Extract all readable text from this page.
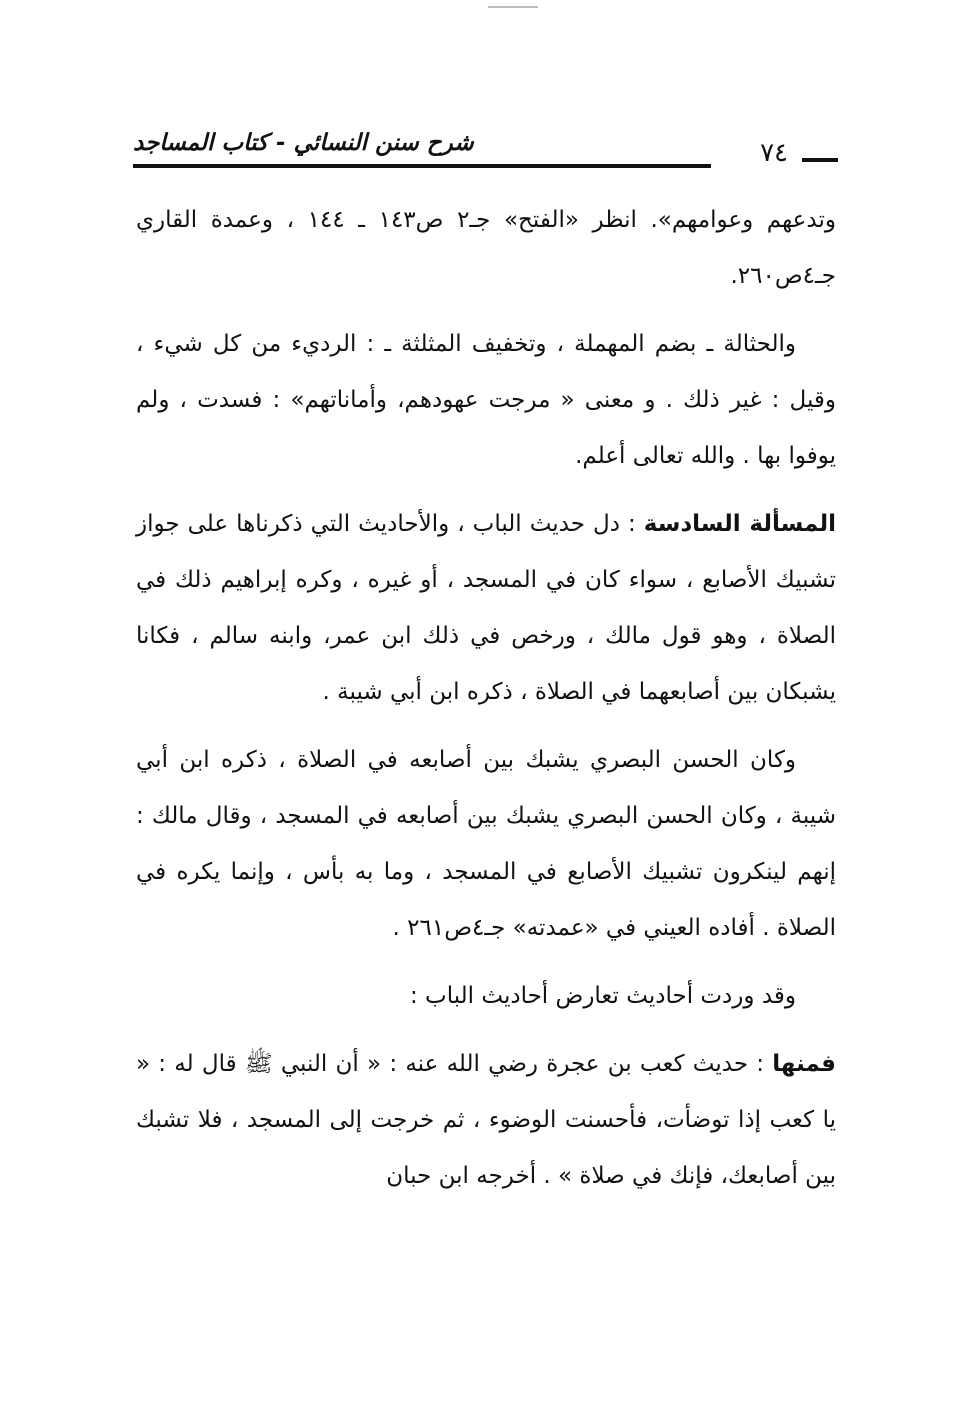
شرح سنن النسائي - كتاب المساجد	٧٤

وتدعهم وعوامهم». انظر «الفتح» جـ٢ ص١٤٣ ـ ١٤٤ ، وعمدة القاري جـ٤ص٢٦٠.

والحثالة ـ بضم المهملة ، وتخفيف المثلثة ـ : الرديء من كل شيء ، وقيل : غير ذلك . و معنى « مرجت عهودهم، وأماناتهم» : فسدت ، ولم يوفوا بها . والله تعالى أعلم.

المسألة السادسة : دل حديث الباب ، والأحاديث التي ذكرناها على جواز تشبيك الأصابع ، سواء كان في المسجد ، أو غيره ، وكره إبراهيم ذلك في الصلاة ، وهو قول مالك ، ورخص في ذلك ابن عمر، وابنه سالم ، فكانا يشبكان بين أصابعهما في الصلاة ، ذكره ابن أبي شيبة .

وكان الحسن البصري يشبك بين أصابعه في الصلاة ، ذكره ابن أبي شيبة ، وكان الحسن البصري يشبك بين أصابعه في المسجد ، وقال مالك : إنهم لينكرون تشبيك الأصابع في المسجد ، وما به بأس ، وإنما يكره في الصلاة . أفاده العيني في «عمدته» جـ٤ص٢٦١ .

وقد وردت أحاديث تعارض أحاديث الباب :

فمنها : حديث كعب بن عجرة رضي الله عنه : « أن النبي ﷺ قال له : « يا كعب إذا توضأت، فأحسنت الوضوء ، ثم خرجت إلى المسجد ، فلا تشبك بين أصابعك، فإنك في صلاة » . أخرجه ابن حبان
